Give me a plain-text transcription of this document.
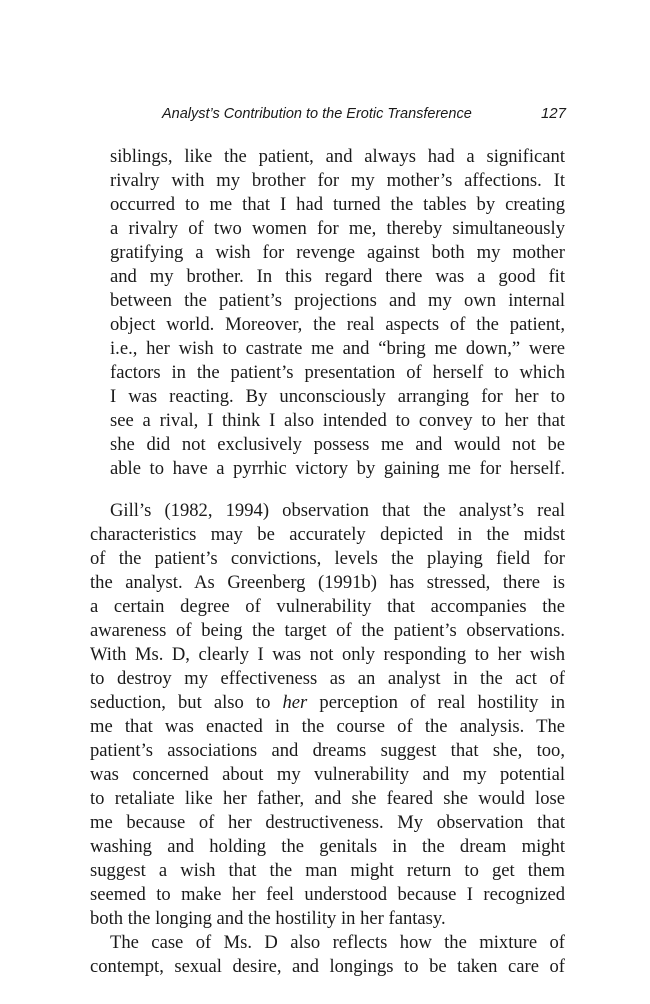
Analyst’s Contribution to the Erotic Transference	127
siblings, like the patient, and always had a significant
rivalry with my brother for my mother’s affections. It
occurred to me that I had turned the tables by creating
a rivalry of two women for me, thereby simultaneously
gratifying a wish for revenge against both my mother
and my brother. In this regard there was a good fit
between the patient’s projections and my own internal
object world. Moreover, the real aspects of the patient,
i.e., her wish to castrate me and “bring me down,” were
factors in the patient’s presentation of herself to which
I was reacting. By unconsciously arranging for her to
see a rival, I think I also intended to convey to her that
she did not exclusively possess me and would not be
able to have a pyrrhic victory by gaining me for herself.
Gill’s (1982, 1994) observation that the analyst’s real
characteristics may be accurately depicted in the midst
of the patient’s convictions, levels the playing field for
the analyst. As Greenberg (1991b) has stressed, there is
a certain degree of vulnerability that accompanies the
awareness of being the target of the patient’s observations.
With Ms. D, clearly I was not only responding to her wish
to destroy my effectiveness as an analyst in the act of
seduction, but also to her perception of real hostility in
me that was enacted in the course of the analysis. The
patient’s associations and dreams suggest that she, too,
was concerned about my vulnerability and my potential
to retaliate like her father, and she feared she would lose
me because of her destructiveness. My observation that
washing and holding the genitals in the dream might
suggest a wish that the man might return to get them
seemed to make her feel understood because I recognized
both the longing and the hostility in her fantasy.
The case of Ms. D also reflects how the mixture of
contempt, sexual desire, and longings to be taken care of
